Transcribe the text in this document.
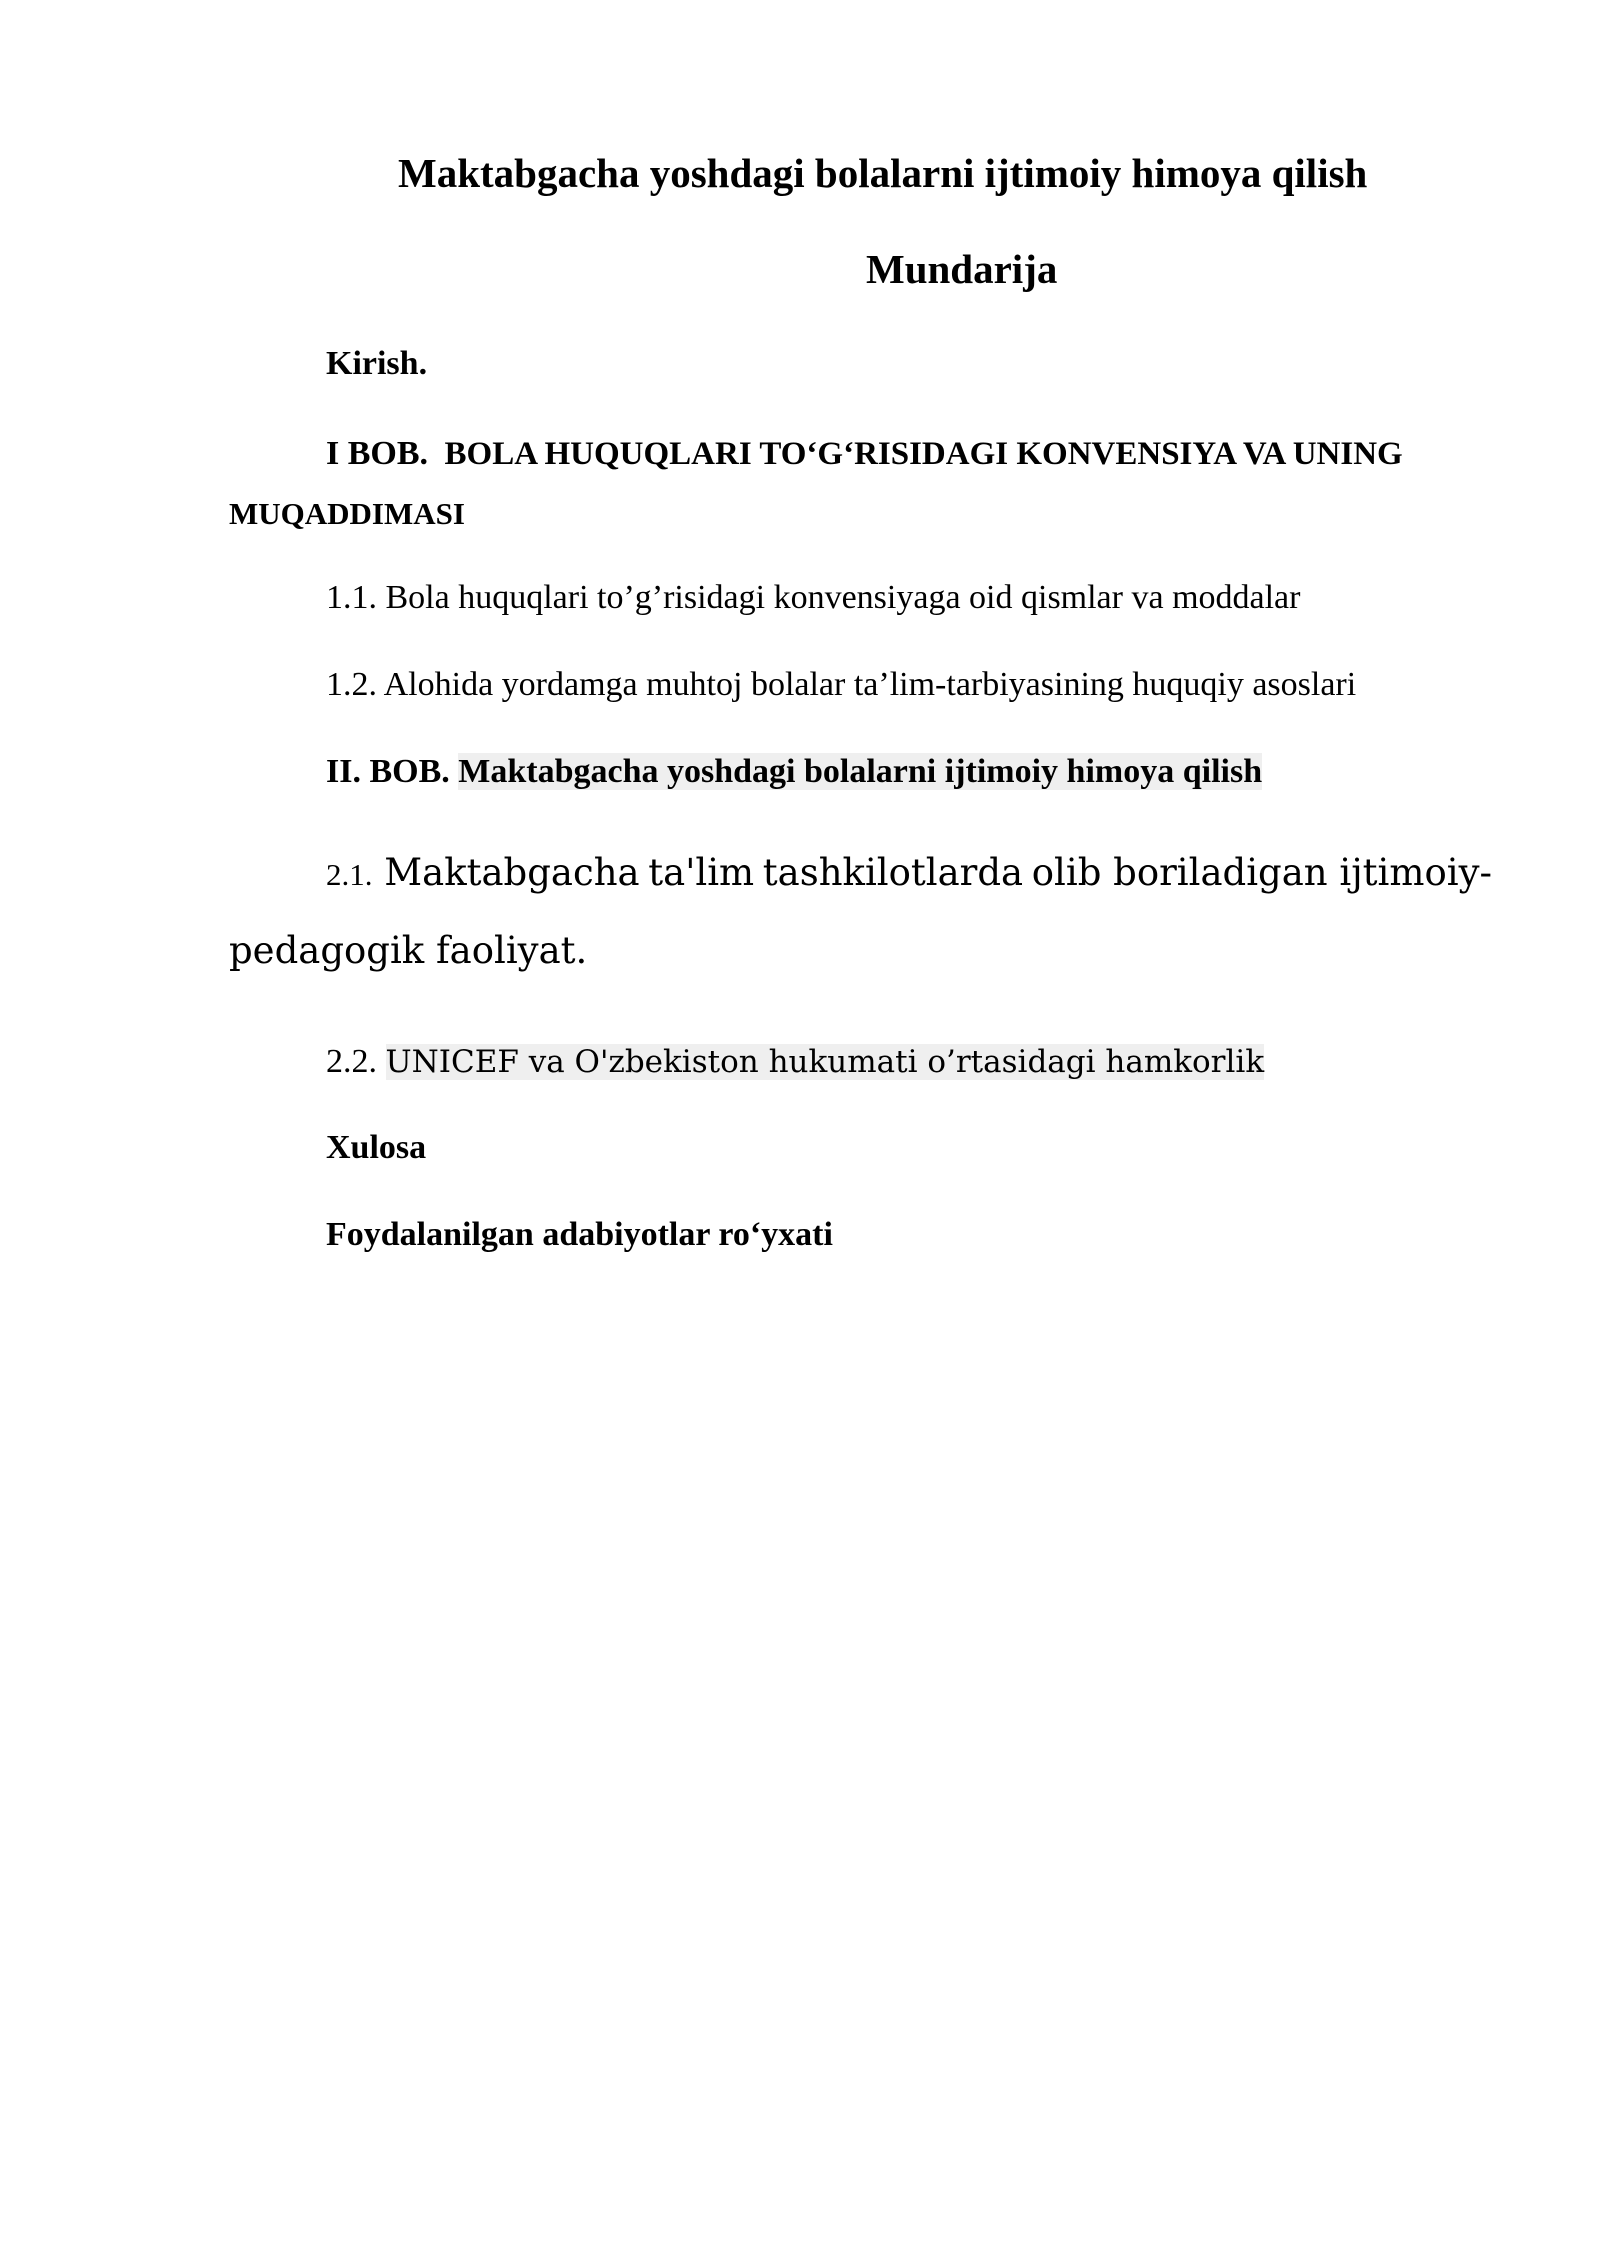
Maktabgacha yoshdagi bolalarni ijtimoiy himoya qilish
Mundarija
Kirish.
I BOB. BOLA HUQUQLARI TO‘G‘RISIDAGI KONVENSIYA VA UNING
MUQADDIMASI
1.1. Bola huquqlari to’g’risidagi konvensiyaga oid qismlar va moddalar
1.2. Alohida yordamga muhtoj bolalar ta’lim-tarbiyasining huquqiy asoslari
II. BOB. Maktabgacha yoshdagi bolalarni ijtimoiy himoya qilish
2.1. Maktabgacha ta'lim tashkilotlarda olib boriladigan ijtimoiy-
pedagogik faoliyat.
2.2. UNICEF va O'zbekiston hukumati o’rtasidagi hamkorlik
Xulosa
Foydalanilgan adabiyotlar ro‘yxati
